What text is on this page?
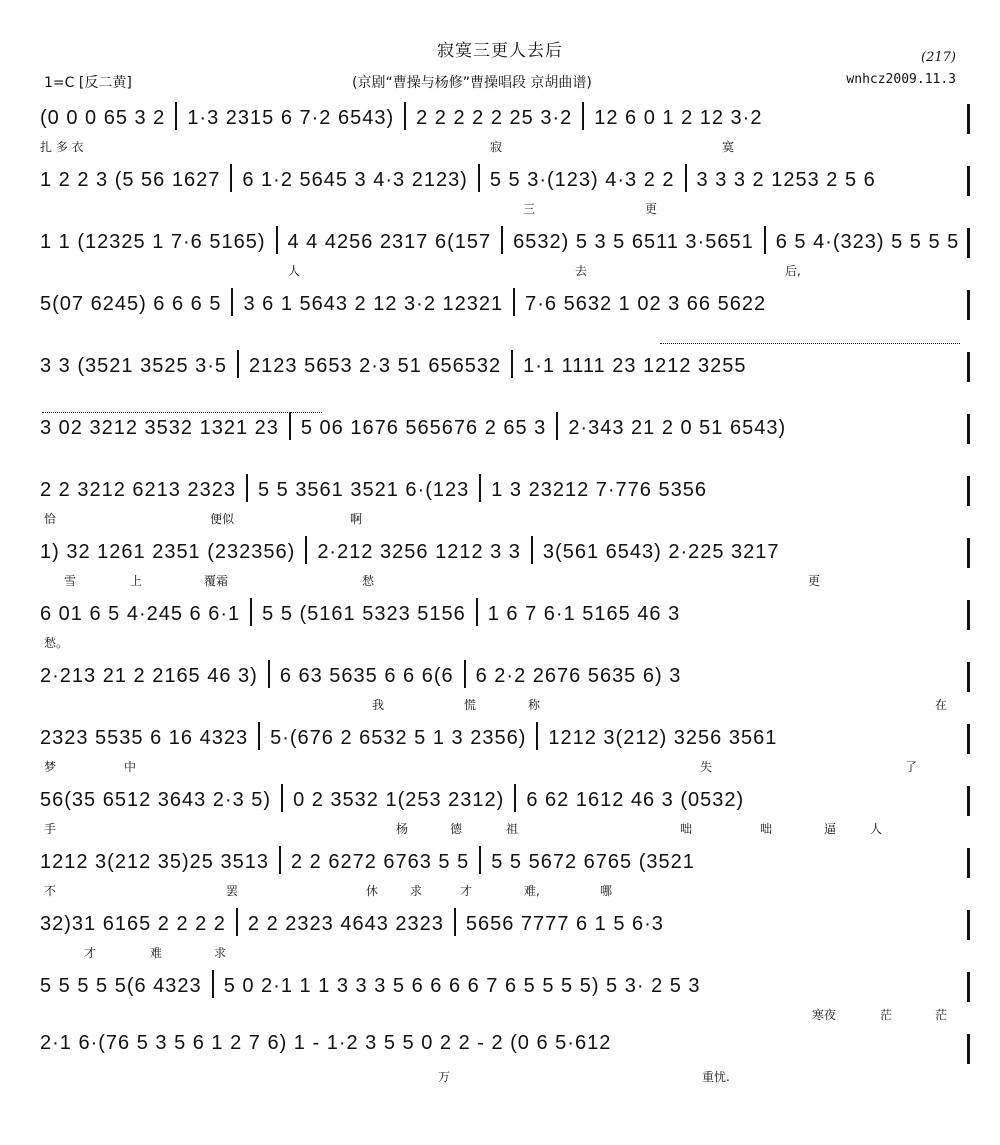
寂寞三更人去后	(217)
1=C [反二黄]	(京剧“曹操与杨修”曹操唱段 京胡曲谱)	wnhcz2009.11.3
(0 0 0 65 3 2 1·3 2315 6 7·2 6543) 2 2 2 2 2 25 3·2 12 6 0 1 2 12 3·2
扎 多 衣	寂	寞
1 2 2 3 (5 56 1627 6 1·2 5645 3 4·3 2123) 5 5 3·(123) 4·3 2 2 3 3 3 2 1253 2 5 6
三	更
1 1 (12325 1 7·6 5165) 4 4 4256 2317 6(157 6532) 5 3 5 6511 3·5651 6 5 4·(323) 5 5 5 5
人	去	后,
5(07 6245) 6 6 6 5 3 6 1 5643 2 12 3·2 12321 7·6 5632 1 02 3 66 5622
3 3 (3521 3525 3·5 2123 5653 2·3 51 656532 1·1 1111 23 1212 3255
3 02 3212 3532 1321 23 5 06 1676 565676 2 65 3 2·343 21 2 0 51 6543)
2 2 3212 6213 2323 5 5 3561 3521 6·(123 1 3 23212 7·776 5356
恰	便似	啊
1) 32 1261 2351 (232356) 2·212 3256 1212 3 3 3(561 6543) 2·225 3217
雪	上	覆霜	愁	更
6 01 6 5 4·245 6 6·1 5 5 (5161 5323 5156 1 6 7 6·1 5165 46 3
愁。
2·213 21 2 2165 46 3) 6 63 5635 6 6 6(6 6 2·2 2676 5635 6) 3
我	慌	称	在
2323 5535 6 16 4323 5·(676 2 6532 5 1 3 2356) 1212 3(212) 3256 3561
梦	中	失	了
56(35 6512 3643 2·3 5) 0 2 3532 1(253 2312) 6 62 1612 46 3 (0532)
手	杨	德	祖	咄	咄	逼	人
1212 3(212 35)25 3513 2 2 6272 6763 5 5 5 5 5672 6765 (3521
不	罢	休	求	才	难,	哪
32)31 6165 2 2 2 2 2 2 2323 4643 2323 5656 7777 6 1 5 6·3
才	难	求
5 5 5 5 5(6 4323 5 0 2·1 1 1 3 3 3 5 6 6 6 6 7 6 5 5 5 5) 5 3· 2 5 3
寒夜	茫	茫
2·1 6·(76 5 3 5 6 1 2 7 6) 1 - 1·2 3 5 5 0 2 2 - 2 (0 6 5·612
万	重忧.
